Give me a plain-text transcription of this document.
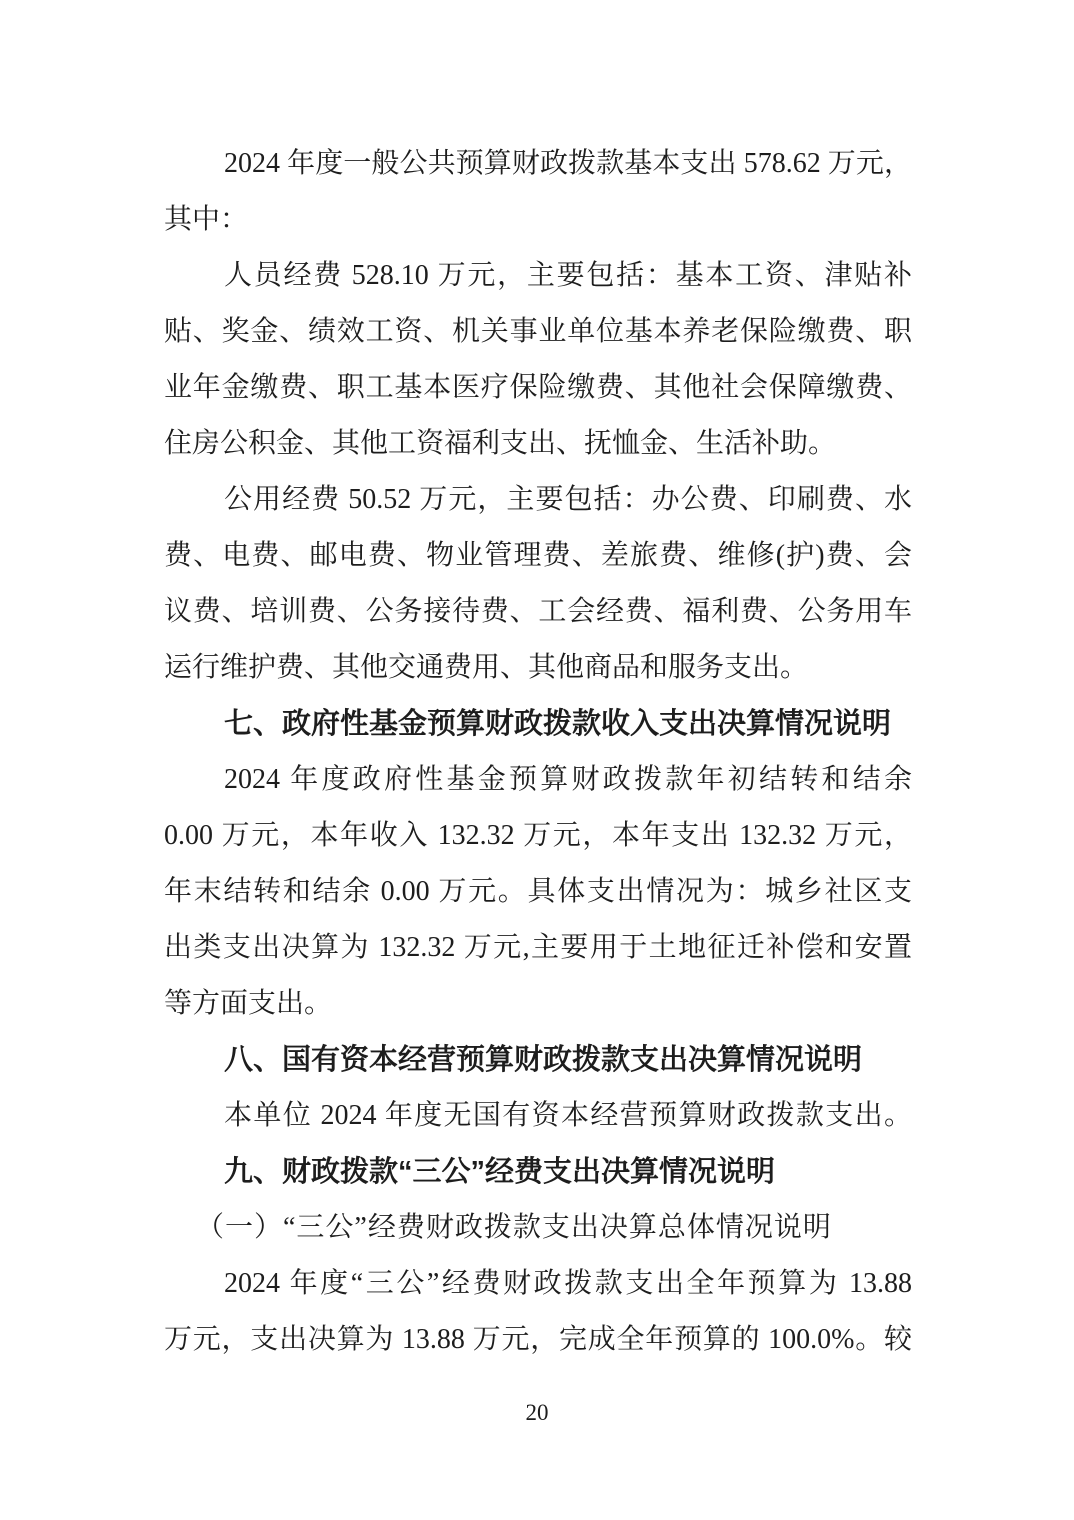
2024 年度一般公共预算财政拨款基本支出 578.62 万元，
其中：
人员经费 528.10 万元，主要包括：基本工资、津贴补
贴、奖金、绩效工资、机关事业单位基本养老保险缴费、职
业年金缴费、职工基本医疗保险缴费、其他社会保障缴费、
住房公积金、其他工资福利支出、抚恤金、生活补助。
公用经费 50.52 万元，主要包括：办公费、印刷费、水
费、电费、邮电费、物业管理费、差旅费、维修(护)费、会
议费、培训费、公务接待费、工会经费、福利费、公务用车
运行维护费、其他交通费用、其他商品和服务支出。
七、政府性基金预算财政拨款收入支出决算情况说明
2024 年度政府性基金预算财政拨款年初结转和结余
0.00 万元，本年收入 132.32 万元，本年支出 132.32 万元，
年末结转和结余 0.00 万元。具体支出情况为：城乡社区支
出类支出决算为 132.32 万元,主要用于土地征迁补偿和安置
等方面支出。
八、国有资本经营预算财政拨款支出决算情况说明
本单位 2024 年度无国有资本经营预算财政拨款支出。
九、财政拨款“三公”经费支出决算情况说明
（一）“三公”经费财政拨款支出决算总体情况说明
2024 年度“三公”经费财政拨款支出全年预算为 13.88
万元，支出决算为 13.88 万元，完成全年预算的 100.0%。较
20
